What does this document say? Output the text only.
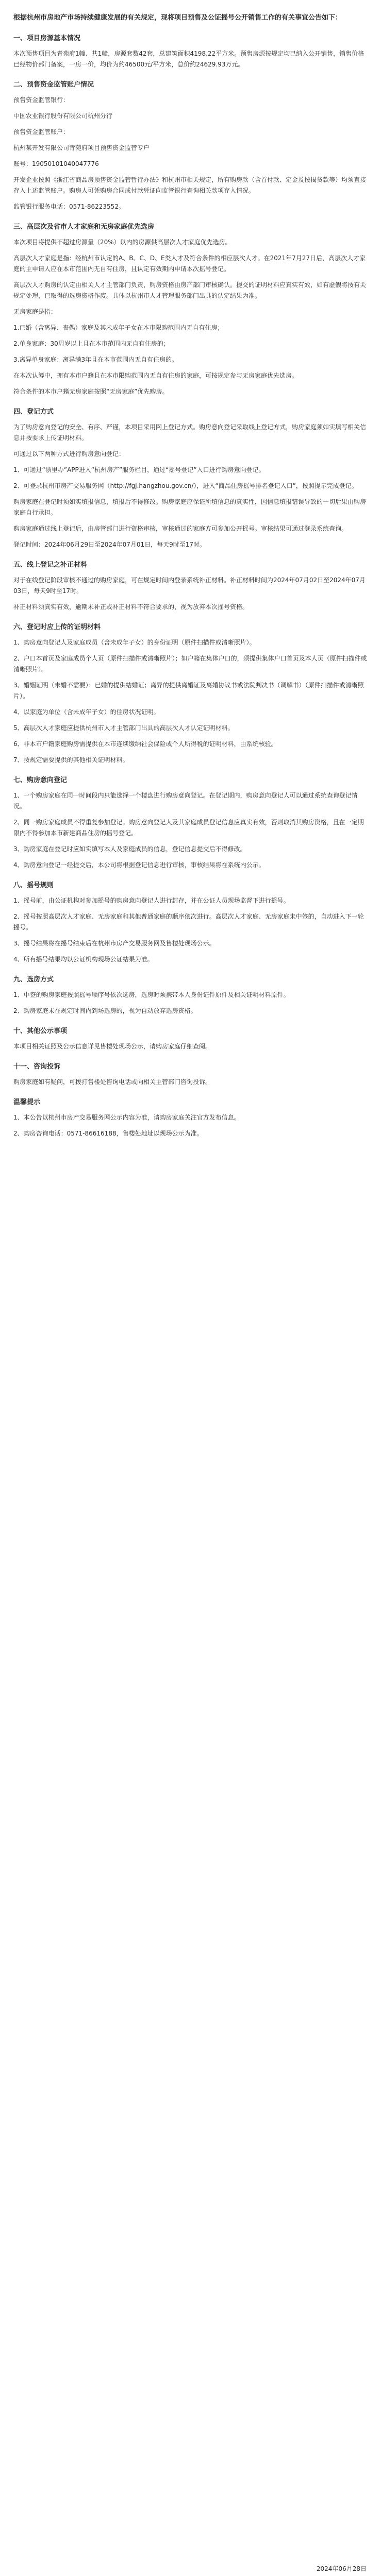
根据杭州市房地产市场持续健康发展的有关规定，现将项目预售及公证摇号公开销售工作的有关事宜公告如下：
一、项目房源基本情况
本次预售项目为青苑府1幢、共1幢，房源套数42套，总建筑面积4198.22平方米。预售房源按规定均已纳入公开销售，销售价格已经物价部门备案，一房一价，均价为约46500元/平方米，总价约24629.93万元。
二、预售资金监管账户情况
预售资金监管银行：
中国农业银行股份有限公司杭州分行
预售资金监管账户：
杭州某开发有限公司青苑府项目预售资金监管专户
账号：19050101040047776
开发企业按照《浙江省商品房预售资金监管暂行办法》和杭州市相关规定，所有购房款（含首付款、定金及按揭贷款等）均须直接存入上述监管账户。购房人可凭购房合同或付款凭证向监管银行查询相关款项存入情况。
监管银行服务电话：0571-86223552。
三、高层次及省市人才家庭和无房家庭优先选房
本次项目将提供不超过房源量（20%）以内的房源供高层次人才家庭优先选房。
高层次人才家庭是指：经杭州市认定的A、B、C、D、E类人才及符合条件的相应层次人才。在2021年7月27日后，高层次人才家庭的主申请人应在本市范围内无自有住房，且认定有效期内申请本次摇号登记。
高层次人才购房的认定由相关人才主管部门负责，购房资格由房产部门审核确认。提交的证明材料应真实有效，如有虚假将按有关规定处理，已取得的选房资格作废。具体以杭州市人才管理服务部门出具的认定结果为准。
无房家庭是指：
1.已婚（含离异、丧偶）家庭及其未成年子女在本市限购范围内无自有住房；
2.单身家庭：30周岁以上且在本市范围内无自有住房的；
3.离异单身家庭：离异满3年且在本市范围内无自有住房的。
在本次认筹中，拥有本市户籍且在本市限购范围内无自有住房的家庭，可按规定参与无房家庭优先选房。
符合条件的本市户籍无房家庭按照“无房家庭”优先购房。
四、登记方式
为了购房意向登记的安全、有序、严谨，本项目采用网上登记方式。购房意向登记采取线上登记方式，购房家庭须如实填写相关信息并按要求上传证明材料。
可通过以下两种方式进行购房意向登记：
1、可通过“浙里办”APP进入“杭州房产”服务栏目，通过“摇号登记”入口进行购房意向登记。
2、可登录杭州市房产交易服务网（http://fgj.hangzhou.gov.cn/），进入“商品住房摇号排名登记入口”，按照提示完成登记。
购房家庭在登记时须如实填报信息，填报后不得修改。购房家庭应保证所填信息的真实性，因信息填报错误导致的一切后果由购房家庭自行承担。
购房家庭通过线上登记后，由房管部门进行资格审核，审核通过的家庭方可参加公开摇号。审核结果可通过登录系统查询。
登记时间：2024年06月29日至2024年07月01日，每天9时至17时。
五、线上登记之补正材料
对于在线登记阶段审核不通过的购房家庭，可在规定时间内登录系统补正材料。补正材料时间为2024年07月02日至2024年07月03日，每天9时至17时。
补正材料须真实有效，逾期未补正或补正材料不符合要求的，视为放弃本次摇号资格。
六、登记时应上传的证明材料
1、购房意向登记人及家庭成员（含未成年子女）的身份证明（原件扫描件或清晰照片）。
2、户口本首页及家庭成员个人页（原件扫描件或清晰照片）；如户籍在集体户口的，须提供集体户口首页及本人页（原件扫描件或清晰照片）。
3、婚姻证明（未婚不需要）：已婚的提供结婚证；离异的提供离婚证及离婚协议书或法院判决书（调解书）（原件扫描件或清晰照片）。
4、以家庭为单位（含未成年子女）的住房状况证明。
5、高层次人才家庭应提供杭州市人才主管部门出具的高层次人才认定证明材料。
6、非本市户籍家庭购房需提供在本市连续缴纳社会保险或个人所得税的证明材料，由系统核验。
7、按规定需要提供的其他相关证明材料。
七、购房意向登记
1、一个购房家庭在同一时间段内只能选择一个楼盘进行购房意向登记。在登记期内，购房意向登记人可以通过系统查询登记情况。
2、同一购房家庭成员不得重复参加登记。购房意向登记人及其家庭成员登记信息应真实有效，否则取消其购房资格，且在一定期限内不得参加本市新建商品住房的摇号登记。
3、购房家庭在登记时应如实填写本人及家庭成员的信息，登记信息提交后不得修改。
4、购房意向登记一经提交后，本公司将根据登记信息进行审核，审核结果将在系统内公示。
八、摇号规则
1、摇号前，由公证机构对参加摇号的购房意向登记人进行封存，并在公证人员现场监督下进行摇号。
2、摇号按照高层次人才家庭、无房家庭和其他普通家庭的顺序依次进行。高层次人才家庭、无房家庭未中签的，自动进入下一轮摇号。
3、摇号结果将在摇号结束后在杭州市房产交易服务网及售楼处现场公示。
4、所有摇号结果均以公证机构现场公证结果为准。
九、选房方式
1、中签的购房家庭按照摇号顺序号依次选房，选房时须携带本人身份证件原件及相关证明材料原件。
2、购房家庭未在规定时间内到场选房的，视为自动放弃选房资格。
十、其他公示事项
本项目相关证照及公示信息详见售楼处现场公示，请购房家庭仔细查阅。
十一、咨询投诉
购房家庭如有疑问，可拨打售楼处咨询电话或向相关主管部门咨询投诉。
温馨提示
1、本公告以杭州市房产交易服务网公示内容为准，请购房家庭关注官方发布信息。
2、购房咨询电话：0571-86616188，售楼处地址以现场公示为准。
2024年06月28日
